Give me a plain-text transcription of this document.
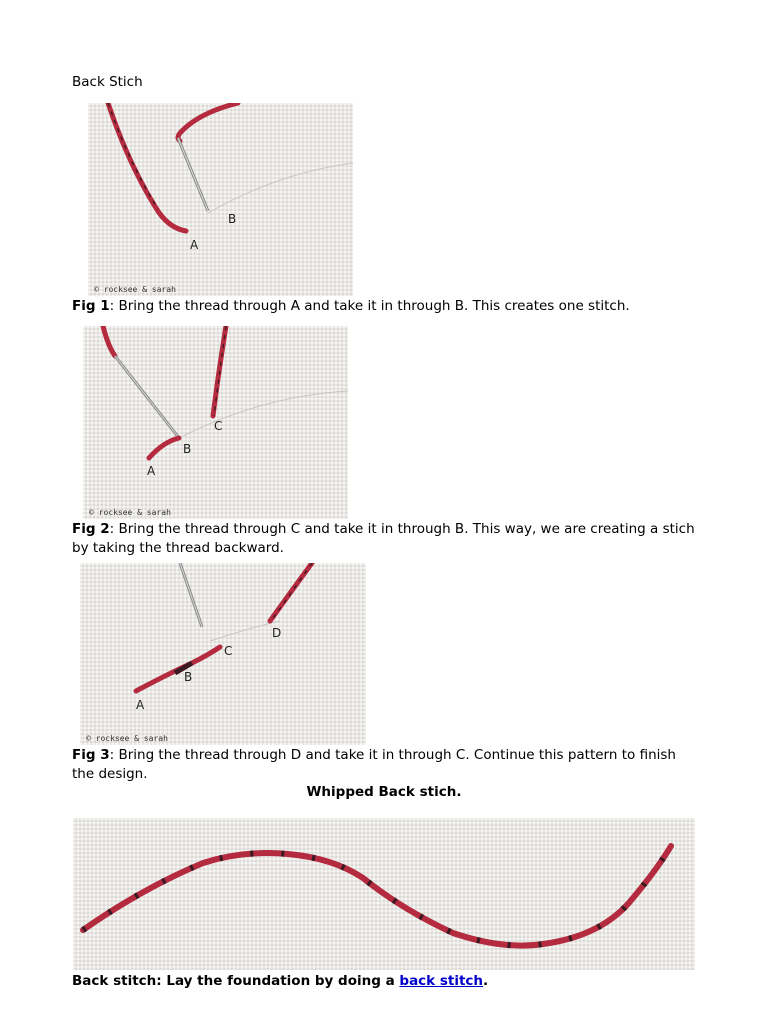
Back Stich

A
B
© rocksee & sarah

Fig 1: Bring the thread through A and take it in through B. This creates one stitch.

A
B
C
© rocksee & sarah

Fig 2: Bring the thread through C and take it in through B. This way, we are creating a stich by taking the thread backward.

A
B
C
D
© rocksee & sarah

Fig 3: Bring the thread through D and take it in through C. Continue this pattern to finish the design.

Whipped Back stich.

Back stitch: Lay the foundation by doing a back stitch.
